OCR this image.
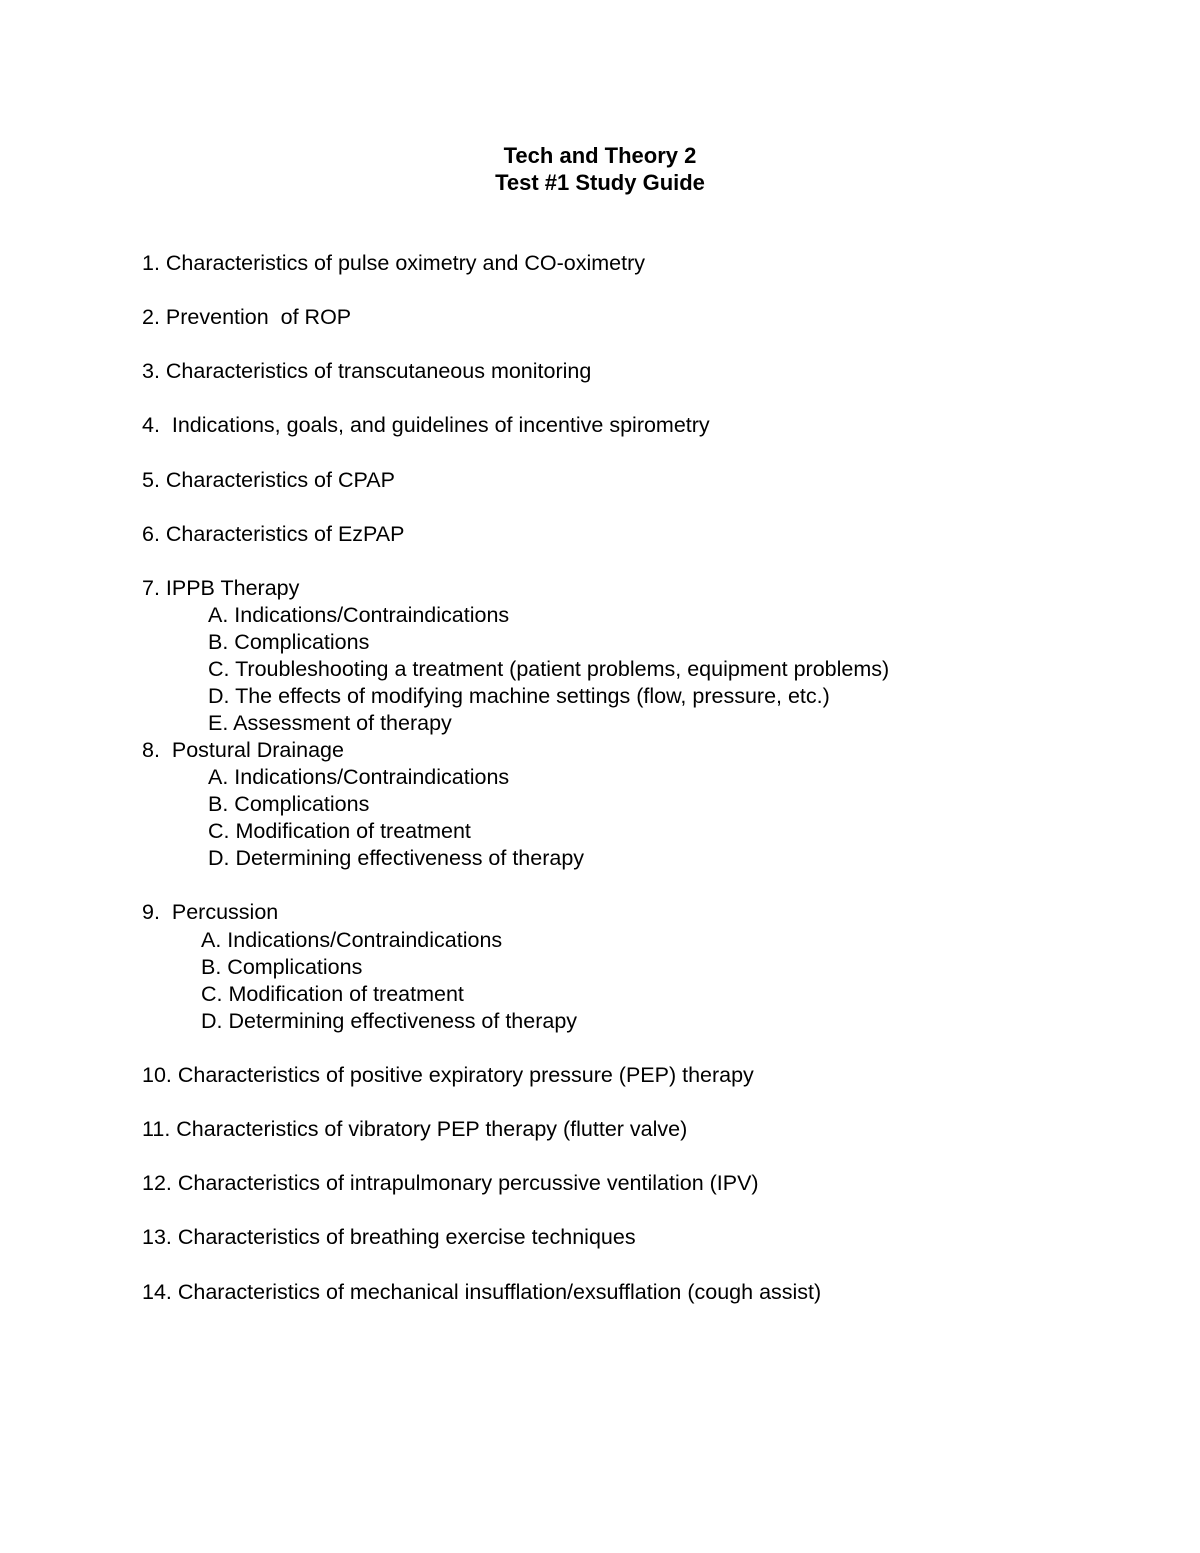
Tech and Theory 2
Test #1 Study Guide
1. Characteristics of pulse oximetry and CO-oximetry
2. Prevention  of ROP
3. Characteristics of transcutaneous monitoring
4.  Indications, goals, and guidelines of incentive spirometry
5. Characteristics of CPAP
6. Characteristics of EzPAP
7. IPPB Therapy
A. Indications/Contraindications
B. Complications
C. Troubleshooting a treatment (patient problems, equipment problems)
D. The effects of modifying machine settings (flow, pressure, etc.)
E. Assessment of therapy
8.  Postural Drainage
A. Indications/Contraindications
B. Complications
C. Modification of treatment
D. Determining effectiveness of therapy
9.  Percussion
A. Indications/Contraindications
B. Complications
C. Modification of treatment
D. Determining effectiveness of therapy
10. Characteristics of positive expiratory pressure (PEP) therapy
11. Characteristics of vibratory PEP therapy (flutter valve)
12. Characteristics of intrapulmonary percussive ventilation (IPV)
13. Characteristics of breathing exercise techniques
14. Characteristics of mechanical insufflation/exsufflation (cough assist)
